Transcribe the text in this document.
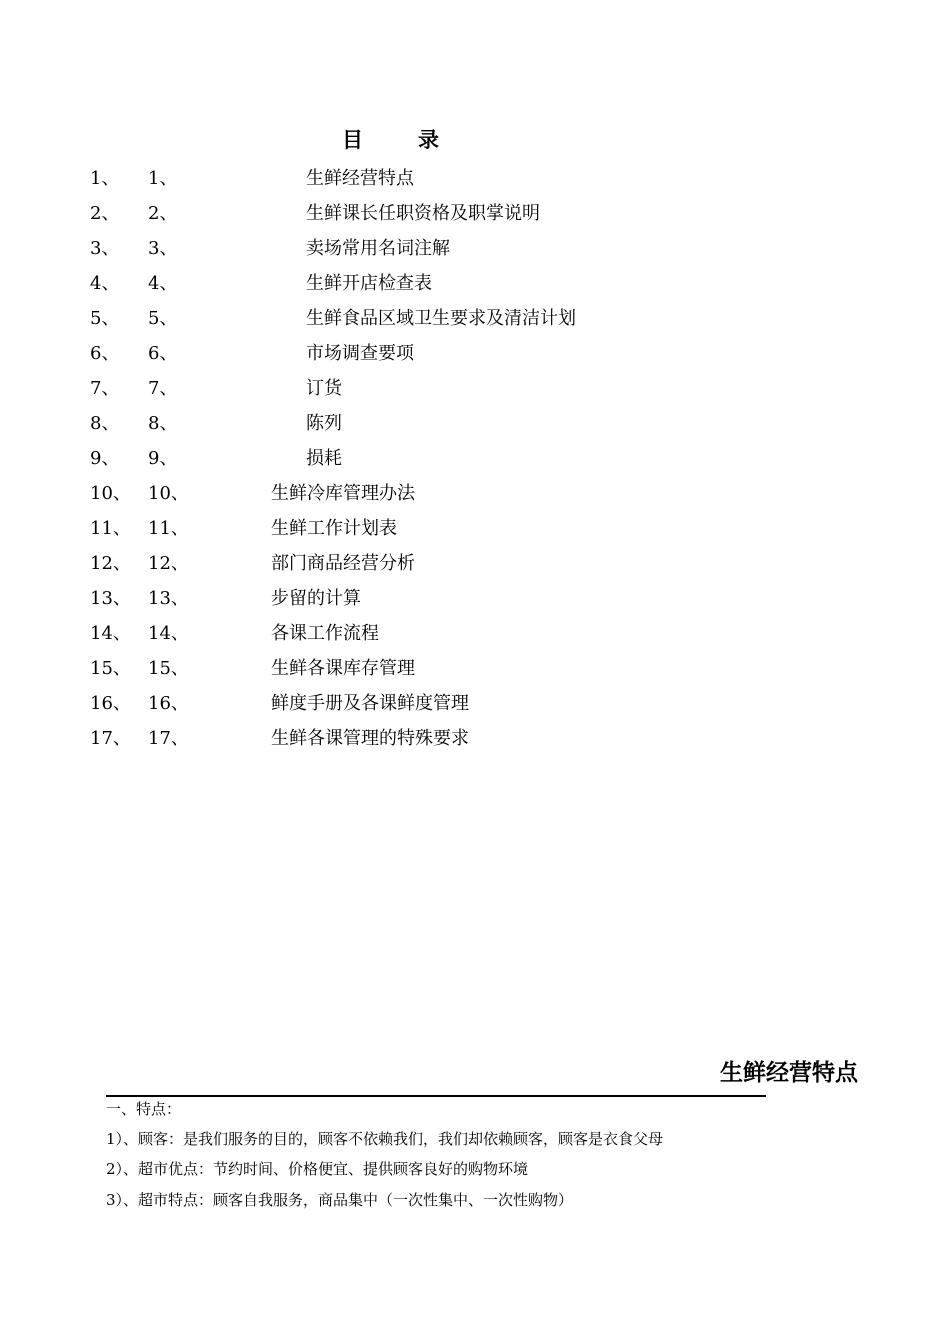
目	录
1、 1、	生鲜经营特点
2、 2、	生鲜课长任职资格及职掌说明
3、 3、	卖场常用名词注解
4、 4、	生鲜开店检查表
5、 5、	生鲜食品区域卫生要求及清洁计划
6、 6、	市场调查要项
7、 7、	订货
8、 8、	陈列
9、 9、	损耗
10、 10、	生鲜冷库管理办法
11、 11、	生鲜工作计划表
12、 12、	部门商品经营分析
13、 13、	步留的计算
14、 14、	各课工作流程
15、 15、	生鲜各课库存管理
16、 16、	鲜度手册及各课鲜度管理
17、 17、	生鲜各课管理的特殊要求
生鲜经营特点
一、特点：
1）、顾客：是我们服务的目的，顾客不依赖我们，我们却依赖顾客，顾客是衣食父母
2）、超市优点：节约时间、价格便宜、提供顾客良好的购物环境
3）、超市特点：顾客自我服务，商品集中（一次性集中、一次性购物）
